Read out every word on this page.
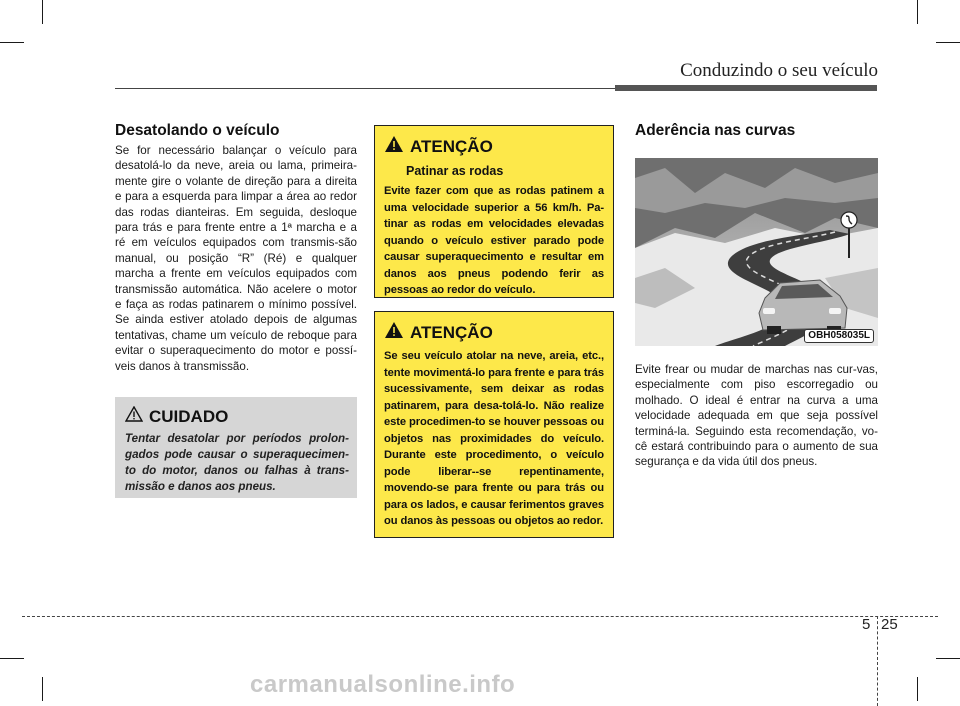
Conduzindo o seu veículo
Desatolando o veículo
Se for necessário balançar o veículo para desatolá-lo da neve, areia ou lama, primeira-mente gire o volante de direção para a direita e para a esquerda para limpar a área ao redor das rodas dianteiras. Em seguida, desloque para trás e para frente entre a 1ª marcha e a ré em veículos equipados com transmis-são manual, ou posição “R” (Ré) e qualquer marcha a frente em veículos equipados com transmissão automática. Não acelere o motor e faça as rodas patinarem o mínimo possível. Se ainda estiver atolado depois de algumas tentativas, chame um veículo de reboque para evitar o superaquecimento do motor e possí-veis danos à transmissão.
CUIDADO
Tentar desatolar por períodos prolon-gados pode causar o superaquecimen-to do motor, danos ou falhas à trans-missão e danos aos pneus.
ATENÇÃO
Patinar as rodas
Evite fazer com que as rodas patinem a uma velocidade superior a 56 km/h. Pa-tinar as rodas em velocidades elevadas quando o veículo estiver parado pode causar superaquecimento e resultar em danos aos pneus podendo ferir as pessoas ao redor do veículo.
ATENÇÃO
Se seu veículo atolar na neve, areia, etc., tente movimentá-lo para frente e para trás sucessivamente, sem deixar as rodas patinarem, para desa-tolá-lo. Não realize este procedimen-to se houver pessoas ou objetos nas proximidades do veículo. Durante este procedimento, o veículo pode liberar--se repentinamente, movendo-se para frente ou para trás ou para os lados, e causar ferimentos graves ou danos às pessoas ou objetos ao redor.
Aderência nas curvas
OBH058035L
Evite frear ou mudar de marchas nas cur-vas, especialmente com piso escorregadio ou molhado. O ideal é entrar na curva a uma velocidade adequada em que seja possível terminá-la. Seguindo esta recomendação, vo-cê estará contribuindo para o aumento de sua segurança e da vida útil dos pneus.
5 25
carmanualsonline.info
